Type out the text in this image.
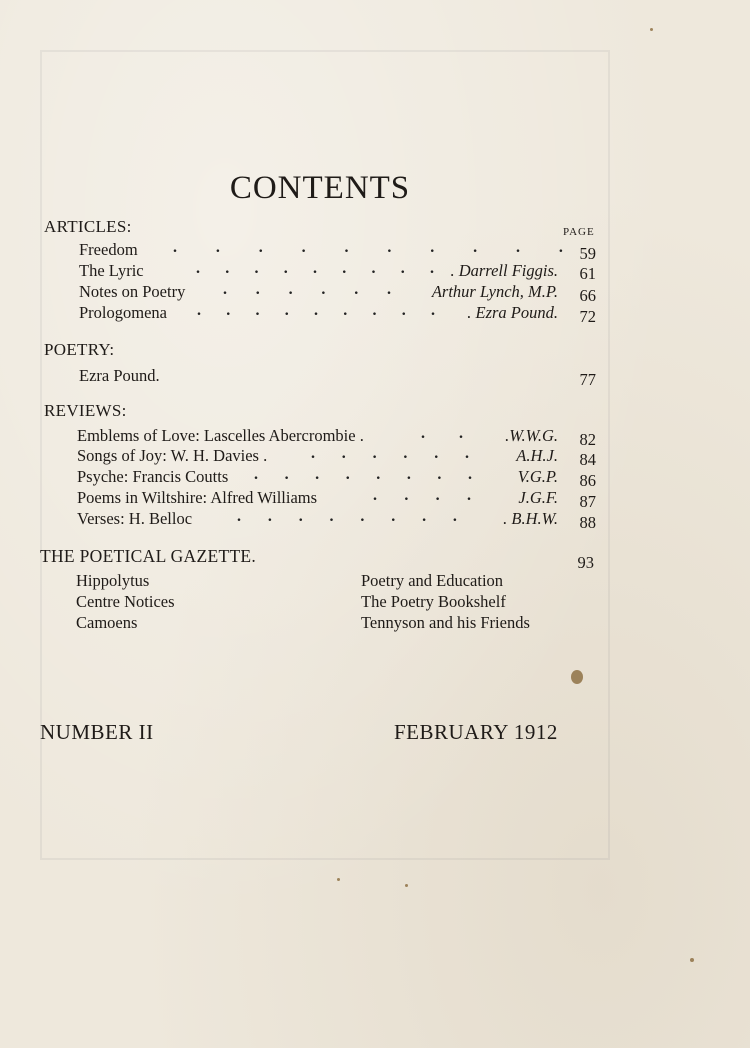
CONTENTS
ARTICLES:	PAGE
Freedom . . . . . . . . . .	59
The Lyric	. . . . . . . . . . Darrell Figgis.	61
Notes on Poetry . . . . . .	Arthur Lynch, M.P.	66
Prologomena . . . . . . . . .	. Ezra Pound.	72
POETRY:
Ezra Pound.	77
REVIEWS:
Emblems of Love: Lascelles Abercrombie .	. .	.W.W.G.	82
Songs of Joy: W. H. Davies .	. . . . . .	A.H.J.	84
Psyche: Francis Coutts . . . . . . . .	V.G.P.	86
Poems in Wiltshire: Alfred Williams	. . . .	J.G.F.	87
Verses: H. Belloc	. . . . . . . .	. B.H.W.	88
THE POETICAL GAZETTE.	93
Hippolytus
Centre Notices
Camoens
Poetry and Education
The Poetry Bookshelf
Tennyson and his Friends
NUMBER II	FEBRUARY 1912
